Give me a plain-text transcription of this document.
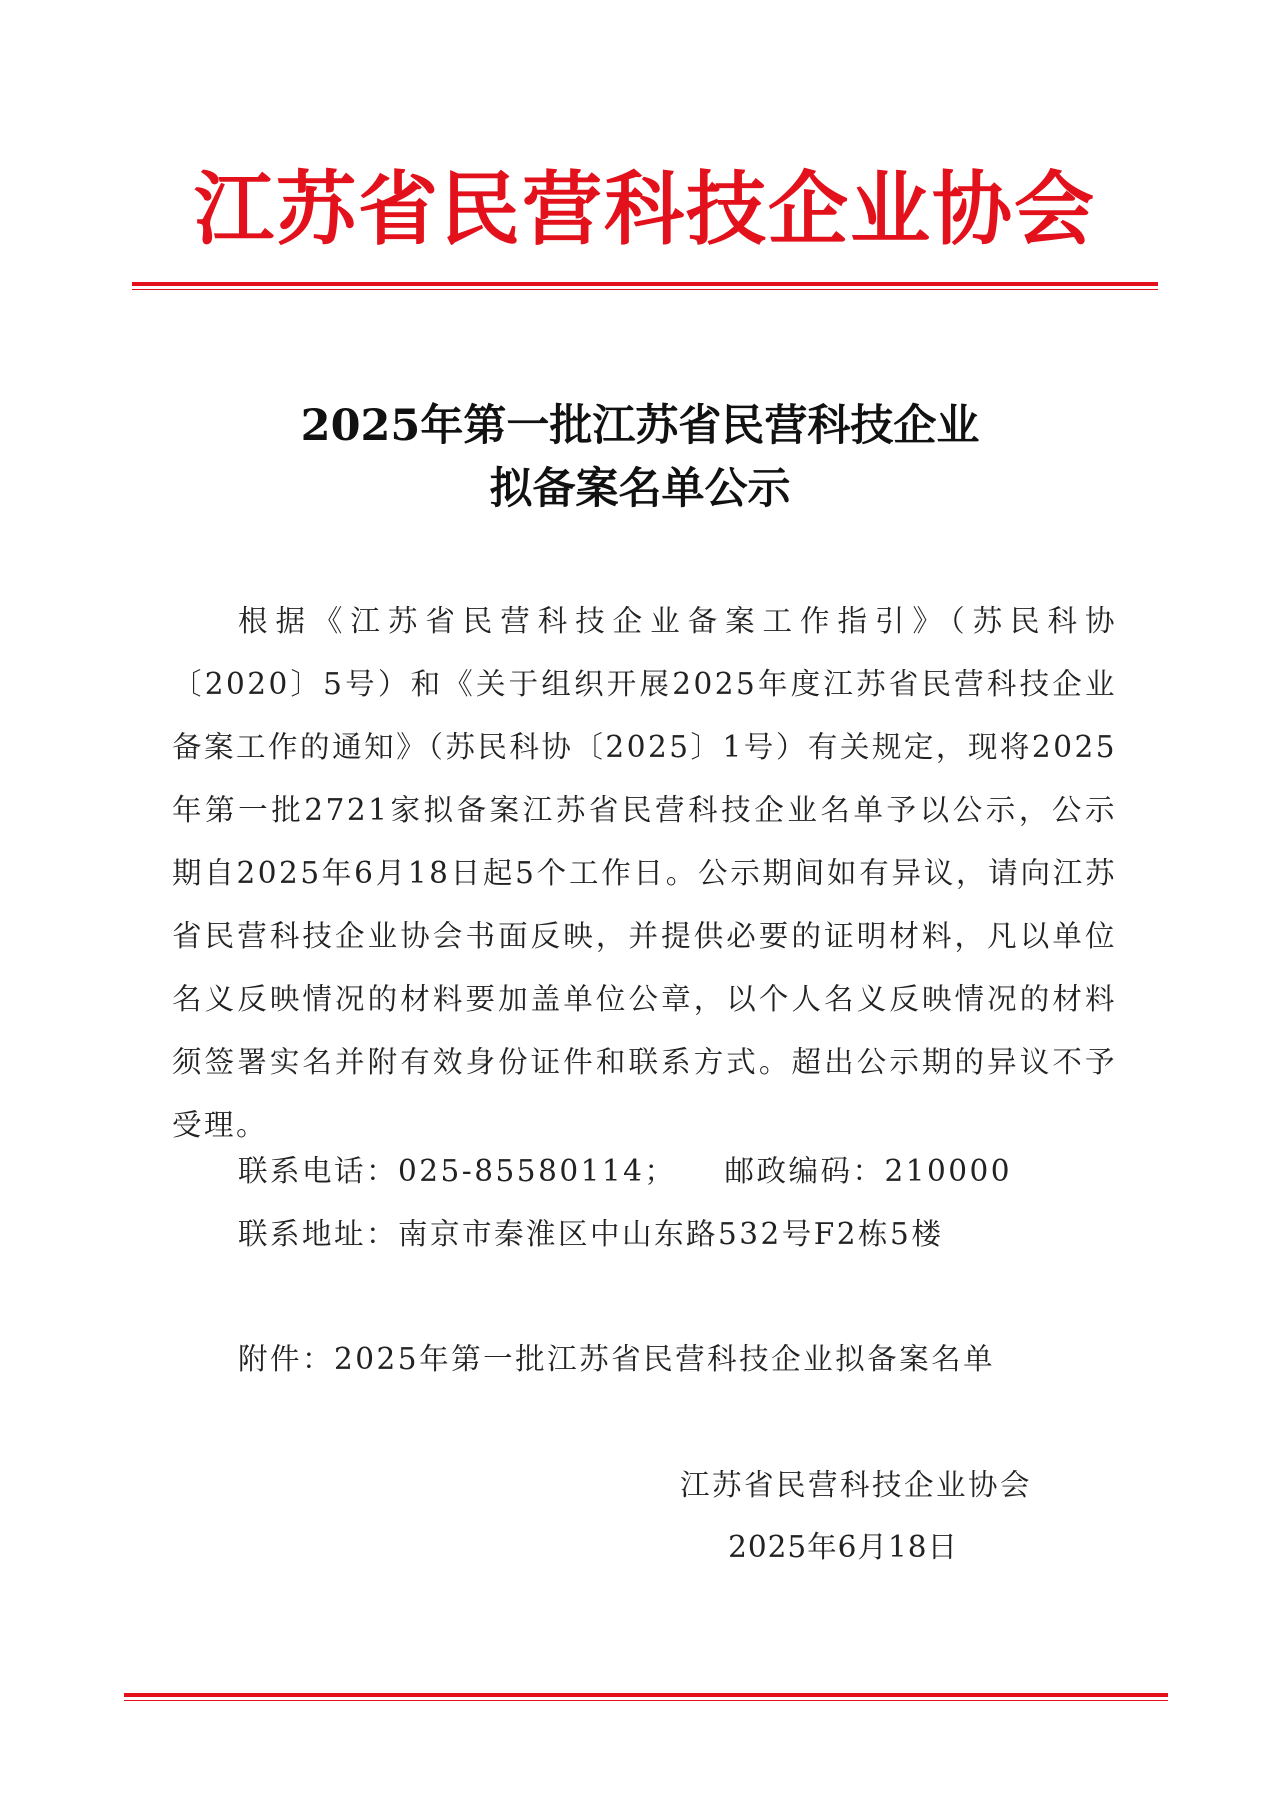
江苏省民营科技企业协会
2025年第一批江苏省民营科技企业
拟备案名单公示

根据《江苏省民营科技企业备案工作指引》（苏民科协〔2020〕5号）和《关于组织开展2025年度江苏省民营科技企业备案工作的通知》（苏民科协〔2025〕1号）有关规定，现将2025年第一批2721家拟备案江苏省民营科技企业名单予以公示，公示期自2025年6月18日起5个工作日。公示期间如有异议，请向江苏省民营科技企业协会书面反映，并提供必要的证明材料，凡以单位名义反映情况的材料要加盖单位公章，以个人名义反映情况的材料须签署实名并附有效身份证件和联系方式。超出公示期的异议不予受理。

联系电话：025-85580114； 邮政编码：210000
联系地址：南京市秦淮区中山东路532号F2栋5楼
附件：2025年第一批江苏省民营科技企业拟备案名单
江苏省民营科技企业协会
2025年6月18日
